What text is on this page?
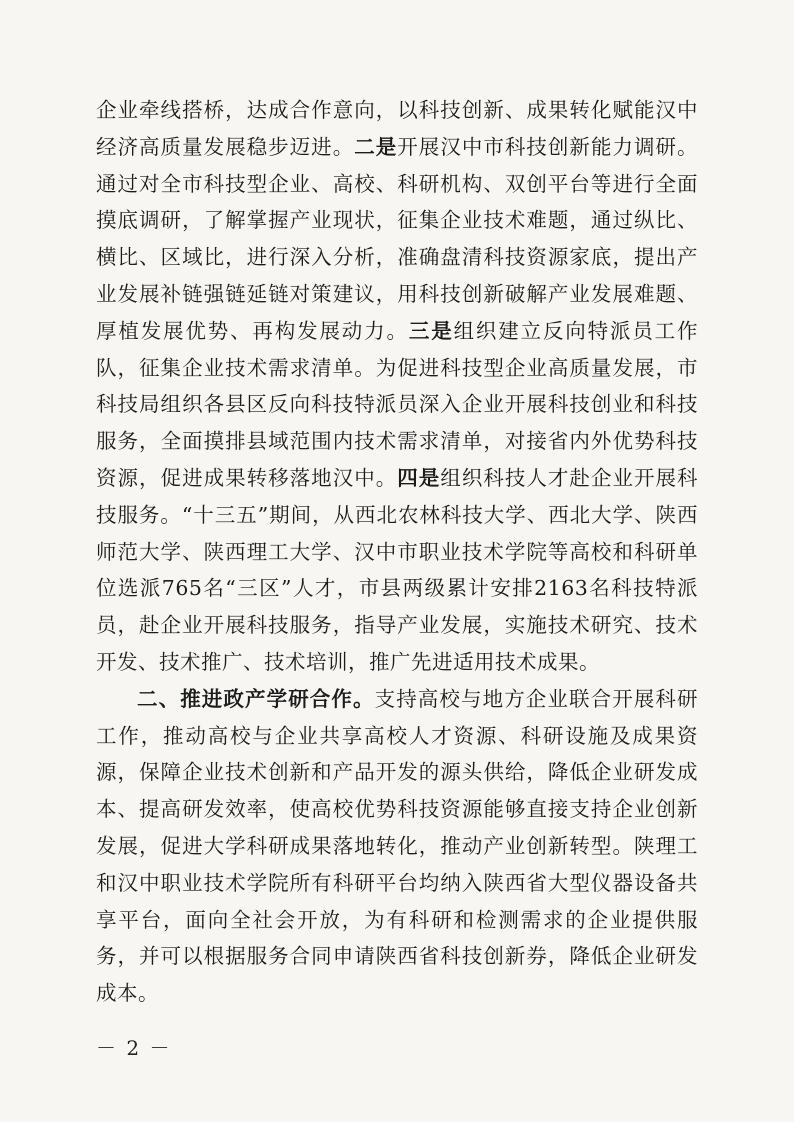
企业牵线搭桥，达成合作意向，以科技创新、成果转化赋能汉中经济高质量发展稳步迈进。二是开展汉中市科技创新能力调研。通过对全市科技型企业、高校、科研机构、双创平台等进行全面摸底调研，了解掌握产业现状，征集企业技术难题，通过纵比、横比、区域比，进行深入分析，准确盘清科技资源家底，提出产业发展补链强链延链对策建议，用科技创新破解产业发展难题、厚植发展优势、再构发展动力。三是组织建立反向特派员工作队，征集企业技术需求清单。为促进科技型企业高质量发展，市科技局组织各县区反向科技特派员深入企业开展科技创业和科技服务，全面摸排县域范围内技术需求清单，对接省内外优势科技资源，促进成果转移落地汉中。四是组织科技人才赴企业开展科技服务。“十三五”期间，从西北农林科技大学、西北大学、陕西师范大学、陕西理工大学、汉中市职业技术学院等高校和科研单位选派765名“三区”人才，市县两级累计安排2163名科技特派员，赴企业开展科技服务，指导产业发展，实施技术研究、技术开发、技术推广、技术培训，推广先进适用技术成果。

二、推进政产学研合作。支持高校与地方企业联合开展科研工作，推动高校与企业共享高校人才资源、科研设施及成果资源，保障企业技术创新和产品开发的源头供给，降低企业研发成本、提高研发效率，使高校优势科技资源能够直接支持企业创新发展，促进大学科研成果落地转化，推动产业创新转型。陕理工和汉中职业技术学院所有科研平台均纳入陕西省大型仪器设备共享平台，面向全社会开放，为有科研和检测需求的企业提供服务，并可以根据服务合同申请陕西省科技创新券，降低企业研发成本。

－ 2 －
